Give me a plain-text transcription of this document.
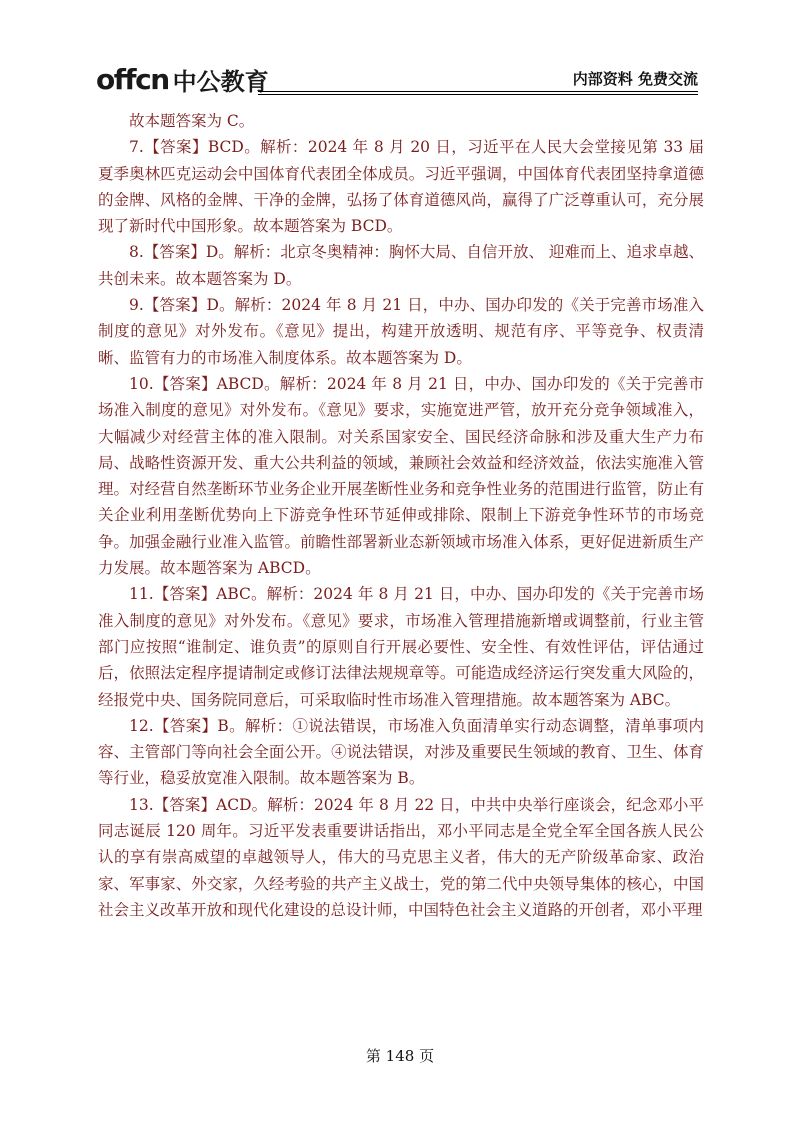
offcn 中公教育	内部资料 免费交流

故本题答案为 C。

7.【答案】BCD。解析：2024 年 8 月 20 日，习近平在人民大会堂接见第 33 届夏季奥林匹克运动会中国体育代表团全体成员。习近平强调，中国体育代表团坚持拿道德的金牌、风格的金牌、干净的金牌，弘扬了体育道德风尚，赢得了广泛尊重认可，充分展现了新时代中国形象。故本题答案为 BCD。

8.【答案】D。解析：北京冬奥精神：胸怀大局、自信开放、 迎难而上、追求卓越、共创未来。故本题答案为 D。

9.【答案】D。解析：2024 年 8 月 21 日，中办、国办印发的《关于完善市场准入制度的意见》对外发布。《意见》提出，构建开放透明、规范有序、平等竞争、权责清晰、监管有力的市场准入制度体系。故本题答案为 D。

10.【答案】ABCD。解析：2024 年 8 月 21 日，中办、国办印发的《关于完善市场准入制度的意见》对外发布。《意见》要求，实施宽进严管，放开充分竞争领域准入，大幅减少对经营主体的准入限制。对关系国家安全、国民经济命脉和涉及重大生产力布局、战略性资源开发、重大公共利益的领域，兼顾社会效益和经济效益，依法实施准入管理。对经营自然垄断环节业务企业开展垄断性业务和竞争性业务的范围进行监管，防止有关企业利用垄断优势向上下游竞争性环节延伸或排除、限制上下游竞争性环节的市场竞争。加强金融行业准入监管。前瞻性部署新业态新领域市场准入体系，更好促进新质生产力发展。故本题答案为 ABCD。

11.【答案】ABC。解析：2024 年 8 月 21 日，中办、国办印发的《关于完善市场准入制度的意见》对外发布。《意见》要求，市场准入管理措施新增或调整前，行业主管部门应按照“谁制定、谁负责”的原则自行开展必要性、安全性、有效性评估，评估通过后，依照法定程序提请制定或修订法律法规规章等。可能造成经济运行突发重大风险的，经报党中央、国务院同意后，可采取临时性市场准入管理措施。故本题答案为 ABC。

12.【答案】B。解析：①说法错误，市场准入负面清单实行动态调整，清单事项内容、主管部门等向社会全面公开。④说法错误，对涉及重要民生领域的教育、卫生、体育等行业，稳妥放宽准入限制。故本题答案为 B。

13.【答案】ACD。解析：2024 年 8 月 22 日，中共中央举行座谈会，纪念邓小平同志诞辰 120 周年。习近平发表重要讲话指出，邓小平同志是全党全军全国各族人民公认的享有崇高威望的卓越领导人，伟大的马克思主义者，伟大的无产阶级革命家、政治家、军事家、外交家，久经考验的共产主义战士，党的第二代中央领导集体的核心，中国社会主义改革开放和现代化建设的总设计师，中国特色社会主义道路的开创者，邓小平理

第 148 页
